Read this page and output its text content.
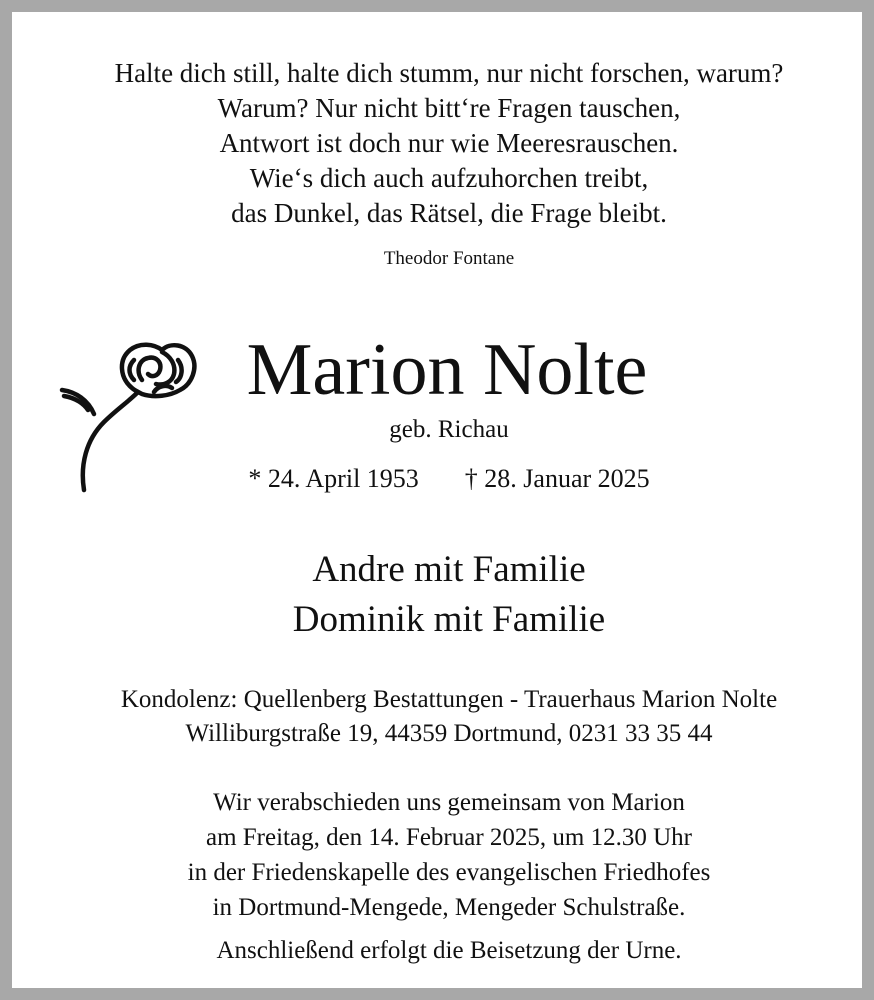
Halte dich still, halte dich stumm, nur nicht forschen, warum?
Warum? Nur nicht bitt‘re Fragen tauschen,
Antwort ist doch nur wie Meeresrauschen.
Wie‘s dich auch aufzuhorchen treibt,
das Dunkel, das Rätsel, die Frage bleibt.
Theodor Fontane
Marion Nolte
geb. Richau
* 24. April 1953 † 28. Januar 2025
Andre mit Familie
Dominik mit Familie
Kondolenz: Quellenberg Bestattungen - Trauerhaus Marion Nolte
Williburgstraße 19, 44359 Dortmund, 0231 33 35 44
Wir verabschieden uns gemeinsam von Marion
am Freitag, den 14. Februar 2025, um 12.30 Uhr
in der Friedenskapelle des evangelischen Friedhofes
in Dortmund-Mengede, Mengeder Schulstraße.
Anschließend erfolgt die Beisetzung der Urne.
